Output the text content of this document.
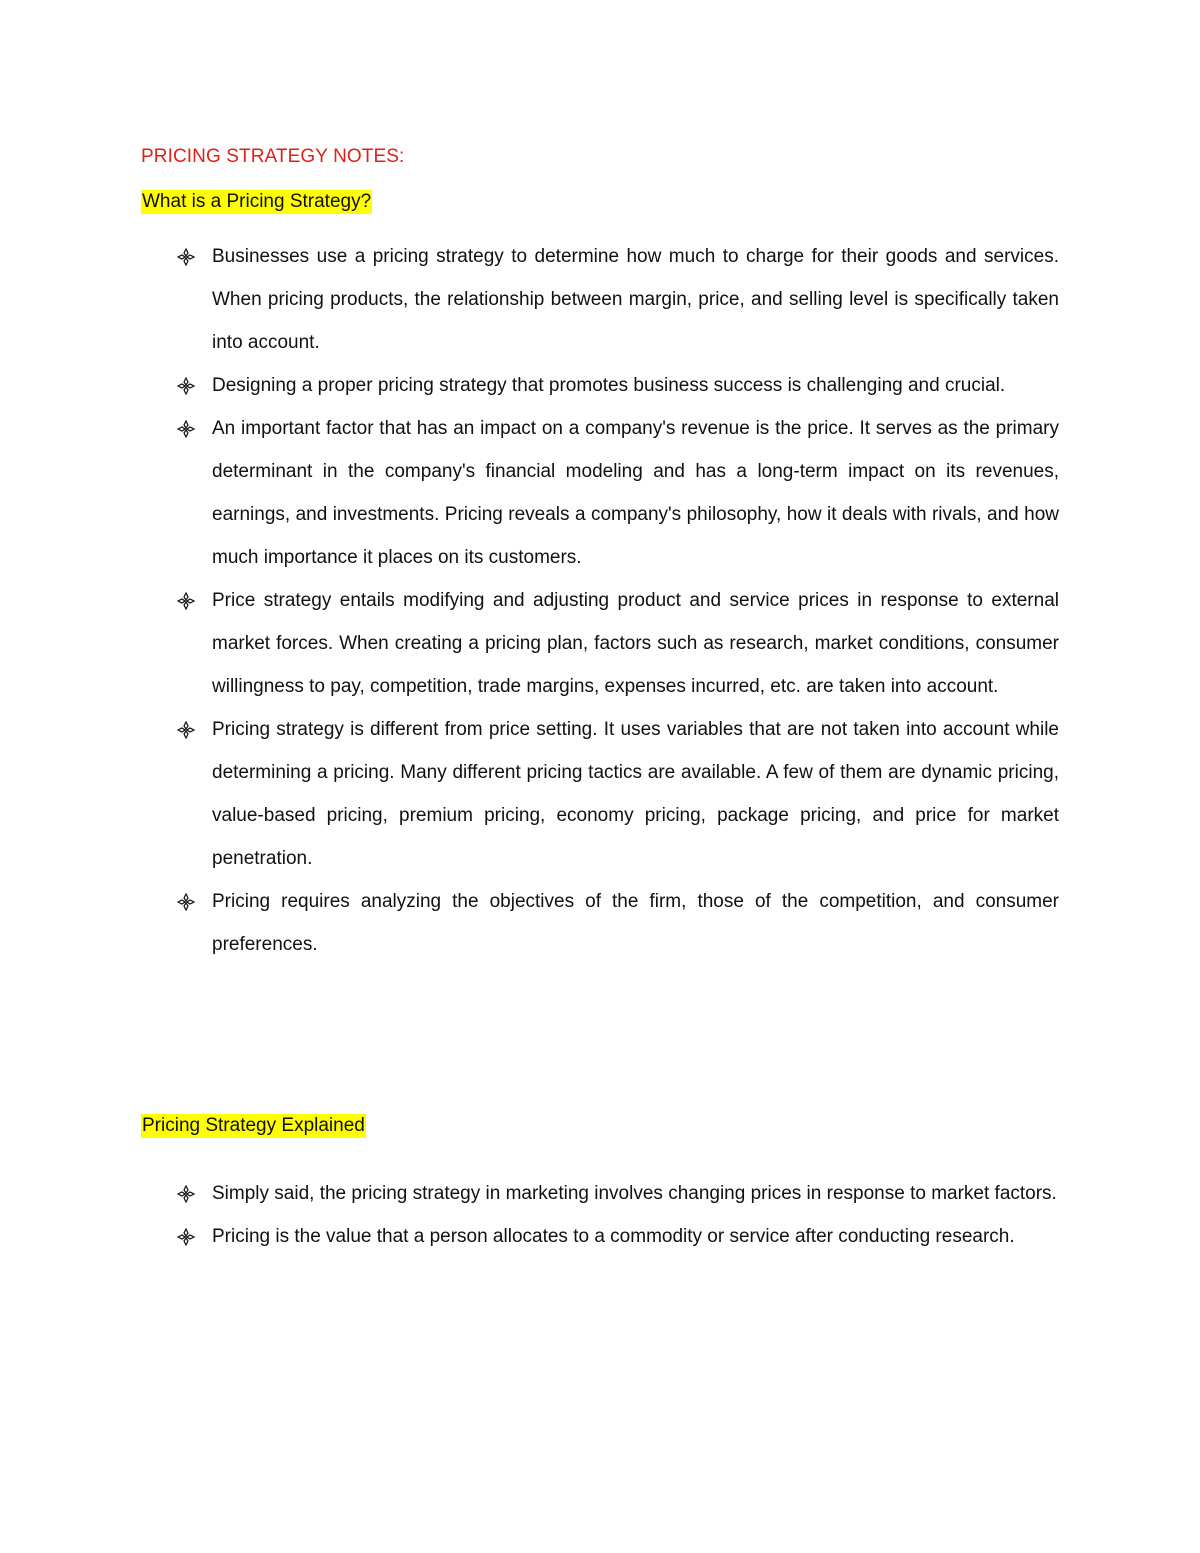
PRICING STRATEGY NOTES:
What is a Pricing Strategy?
Businesses use a pricing strategy to determine how much to charge for their goods and services. When pricing products, the relationship between margin, price, and selling level is specifically taken into account.
Designing a proper pricing strategy that promotes business success is challenging and crucial.
An important factor that has an impact on a company's revenue is the price. It serves as the primary determinant in the company's financial modeling and has a long-term impact on its revenues, earnings, and investments. Pricing reveals a company's philosophy, how it deals with rivals, and how much importance it places on its customers.
Price strategy entails modifying and adjusting product and service prices in response to external market forces. When creating a pricing plan, factors such as research, market conditions, consumer willingness to pay, competition, trade margins, expenses incurred, etc. are taken into account.
Pricing strategy is different from price setting. It uses variables that are not taken into account while determining a pricing. Many different pricing tactics are available. A few of them are dynamic pricing, value-based pricing, premium pricing, economy pricing, package pricing, and price for market penetration.
Pricing requires analyzing the objectives of the firm, those of the competition, and consumer preferences.
Pricing Strategy Explained
Simply said, the pricing strategy in marketing involves changing prices in response to market factors.
Pricing is the value that a person allocates to a commodity or service after conducting research.
